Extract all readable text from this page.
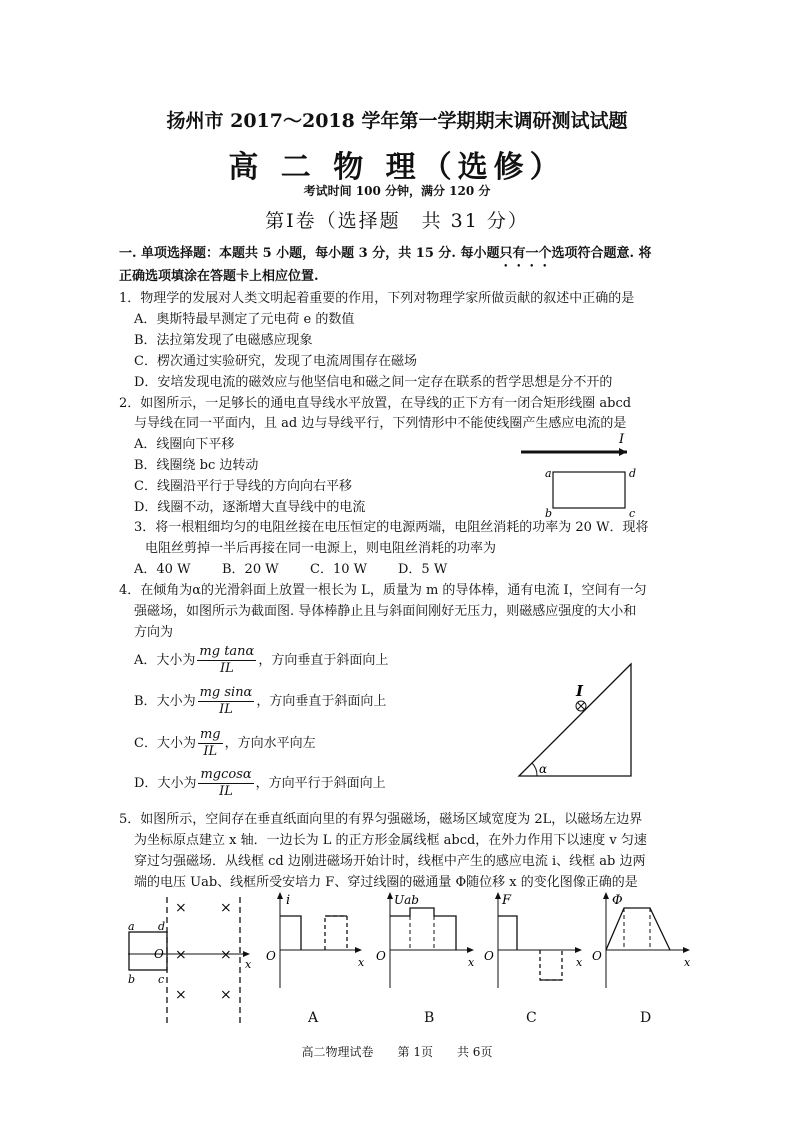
扬州市 2017～2018 学年第一学期期末调研测试试题
高 二 物 理（选修）
考试时间 100 分钟，满分 120 分
第Ⅰ卷（选择题　共 31 分）
一. 单项选择题：本题共 5 小题，每小题 3 分，共 15 分. 每小题只有一个选项符合题意. 将
正确选项填涂在答题卡上相应位置.
1．物理学的发展对人类文明起着重要的作用，下列对物理学家所做贡献的叙述中正确的是
A．奥斯特最早测定了元电荷 e 的数值
B．法拉第发现了电磁感应现象
C．楞次通过实验研究，发现了电流周围存在磁场
D．安培发现电流的磁效应与他坚信电和磁之间一定存在联系的哲学思想是分不开的
2．如图所示，一足够长的通电直导线水平放置，在导线的正下方有一闭合矩形线圈 abcd
与导线在同一平面内，且 ad 边与导线平行，下列情形中不能使线圈产生感应电流的是
A．线圈向下平移
B．线圈绕 bc 边转动
C．线圈沿平行于导线的方向向右平移
D．线圈不动，逐渐增大直导线中的电流
I
a	d
b	c
3．将一根粗细均匀的电阻丝接在电压恒定的电源两端，电阻丝消耗的功率为 20 W．现将
电阻丝剪掉一半后再接在同一电源上，则电阻丝消耗的功率为
A．40 W B．20 W C．10 W D．5 W
4．在倾角为α的光滑斜面上放置一根长为 L，质量为 m 的导体棒，通有电流 I，空间有一匀
强磁场，如图所示为截面图. 导体棒静止且与斜面间刚好无压力，则磁感应强度的大小和
方向为
A．大小为 $\frac{\text{mg tanα}}{IL}$ ，方向垂直于斜面向上
B．大小为 $\frac{\text{mg sinα}}{IL}$ ，方向垂直于斜面向上
C．大小为 $\frac{mg}{IL}$ ，方向水平向左
D．大小为 $\frac{mgcos\alpha}{IL}$ ，方向平行于斜面向上
α
I
5．如图所示，空间存在垂直纸面向里的有界匀强磁场，磁场区域宽度为 2L，以磁场左边界
为坐标原点建立 x 轴．一边长为 L 的正方形金属线框 abcd，在外力作用下以速度 v 匀速
穿过匀强磁场．从线框 cd 边刚进磁场开始计时，线框中产生的感应电流 i、线框 ab 边两
端的电压 Uab、线框所受安培力 F、穿过线圈的磁通量 Φ随位移 x 的变化图像正确的是
x
a d
b c
O
× ×
× ×
× ×
i
O	x
A
Uab
O	x
B
F
O	x
C
Φ
O	x
D
高二物理试卷　　第 1页　　共 6页
